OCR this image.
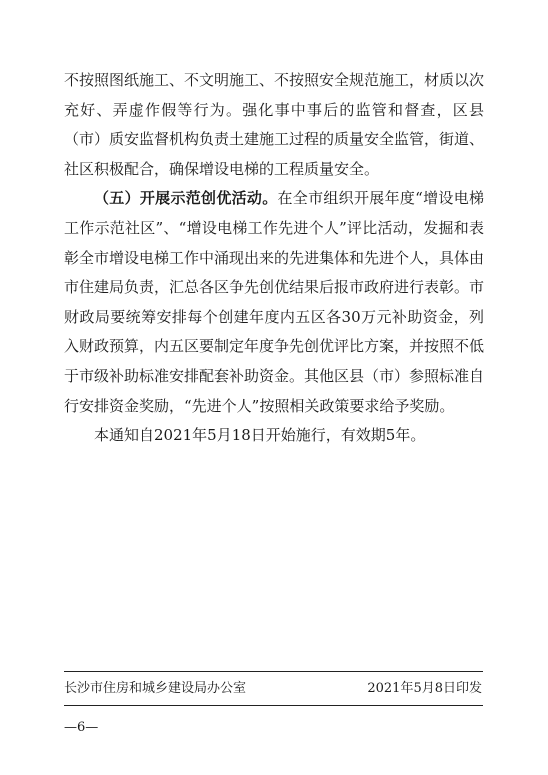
不按照图纸施工、不文明施工、不按照安全规范施工，材质以次充好、弄虚作假等行为。强化事中事后的监管和督查，区县（市）质安监督机构负责土建施工过程的质量安全监管，街道、社区积极配合，确保增设电梯的工程质量安全。

（五）开展示范创优活动。在全市组织开展年度“增设电梯工作示范社区”、“增设电梯工作先进个人”评比活动，发掘和表彰全市增设电梯工作中涌现出来的先进集体和先进个人，具体由市住建局负责，汇总各区争先创优结果后报市政府进行表彰。市财政局要统筹安排每个创建年度内五区各30万元补助资金，列入财政预算，内五区要制定年度争先创优评比方案，并按照不低于市级补助标准安排配套补助资金。其他区县（市）参照标准自行安排资金奖励，“先进个人”按照相关政策要求给予奖励。

本通知自2021年5月18日开始施行，有效期5年。

长沙市住房和城乡建设局办公室	2021年5月8日印发
—6—
